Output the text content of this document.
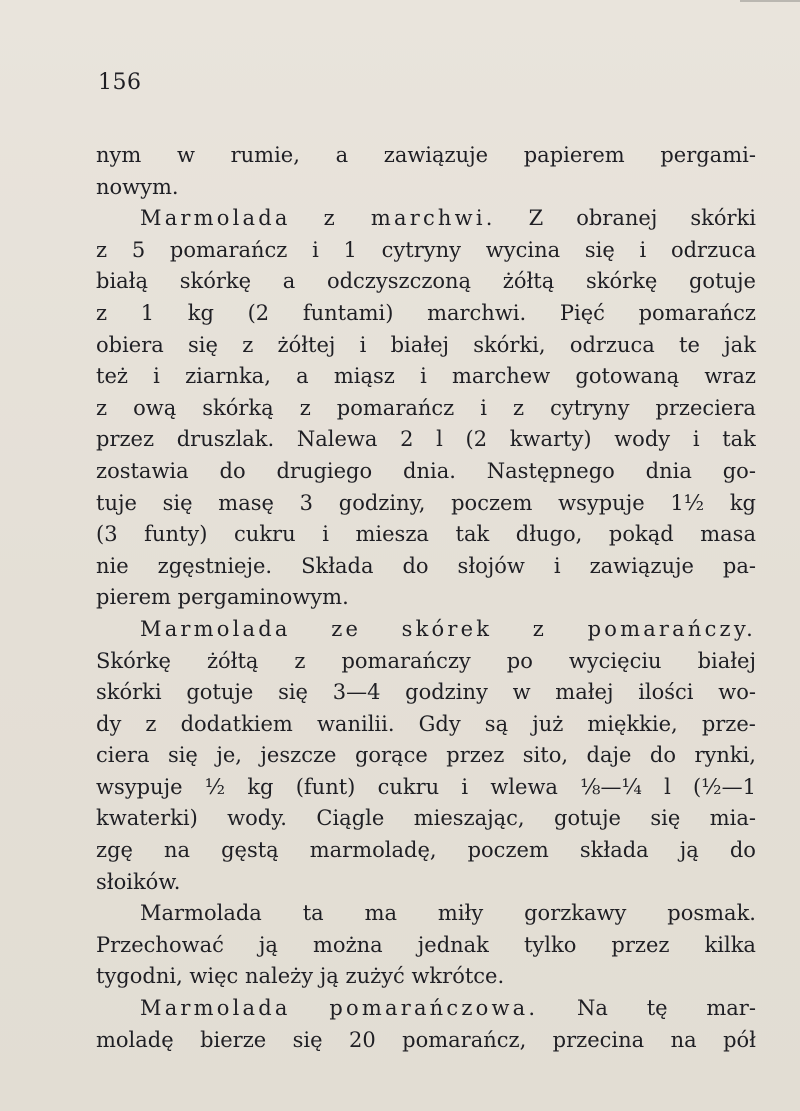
156
nym w rumie, a zawiązuje papierem pergami-
nowym.
Marmolada z marchwi. Z obranej skórki
z 5 pomarańcz i 1 cytryny wycina się i odrzuca
białą skórkę a odczyszczoną żółtą skórkę gotuje
z 1 kg (2 funtami) marchwi. Pięć pomarańcz
obiera się z żółtej i białej skórki, odrzuca te jak
też i ziarnka, a miąsz i marchew gotowaną wraz
z ową skórką z pomarańcz i z cytryny przeciera
przez druszlak. Nalewa 2 l (2 kwarty) wody i tak
zostawia do drugiego dnia. Następnego dnia go-
tuje się masę 3 godziny, poczem wsypuje 1½ kg
(3 funty) cukru i miesza tak długo, pokąd masa
nie zgęstnieje. Składa do słojów i zawiązuje pa-
pierem pergaminowym.
Marmolada ze skórek z pomarańczy.
Skórkę żółtą z pomarańczy po wycięciu białej
skórki gotuje się 3—4 godziny w małej ilości wo-
dy z dodatkiem wanilii. Gdy są już miękkie, prze-
ciera się je, jeszcze gorące przez sito, daje do rynki,
wsypuje ½ kg (funt) cukru i wlewa ⅛—¼ l (½—1
kwaterki) wody. Ciągle mieszając, gotuje się mia-
zgę na gęstą marmoladę, poczem składa ją do
słoików.
Marmolada ta ma miły gorzkawy posmak.
Przechować ją można jednak tylko przez kilka
tygodni, więc należy ją zużyć wkrótce.
Marmolada pomarańczowa. Na tę mar-
moladę bierze się 20 pomarańcz, przecina na pół
